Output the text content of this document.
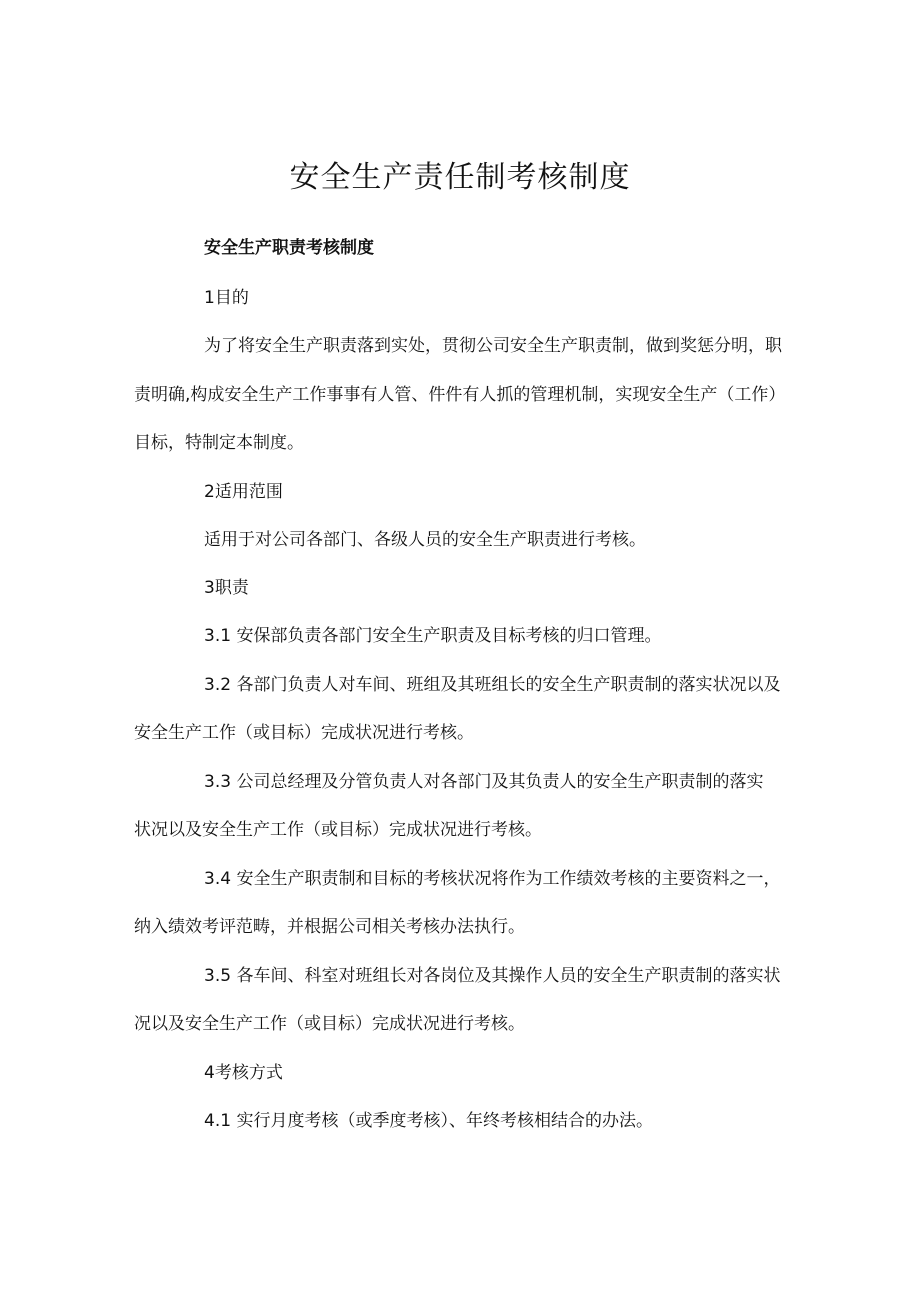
安全生产责任制考核制度

安全生产职责考核制度

1目的

为了将安全生产职责落到实处，贯彻公司安全生产职责制，做到奖惩分明，职

责明确,构成安全生产工作事事有人管、件件有人抓的管理机制，实现安全生产（工作）

目标，特制定本制度。

2适用范围

适用于对公司各部门、各级人员的安全生产职责进行考核。

3职责

3.1 安保部负责各部门安全生产职责及目标考核的归口管理。

3.2 各部门负责人对车间、班组及其班组长的安全生产职责制的落实状况以及

安全生产工作（或目标）完成状况进行考核。

3.3 公司总经理及分管负责人对各部门及其负责人的安全生产职责制的落实

状况以及安全生产工作（或目标）完成状况进行考核。

3.4 安全生产职责制和目标的考核状况将作为工作绩效考核的主要资料之一，

纳入绩效考评范畴，并根据公司相关考核办法执行。

3.5 各车间、科室对班组长对各岗位及其操作人员的安全生产职责制的落实状

况以及安全生产工作（或目标）完成状况进行考核。

4考核方式

4.1 实行月度考核（或季度考核）、年终考核相结合的办法。
